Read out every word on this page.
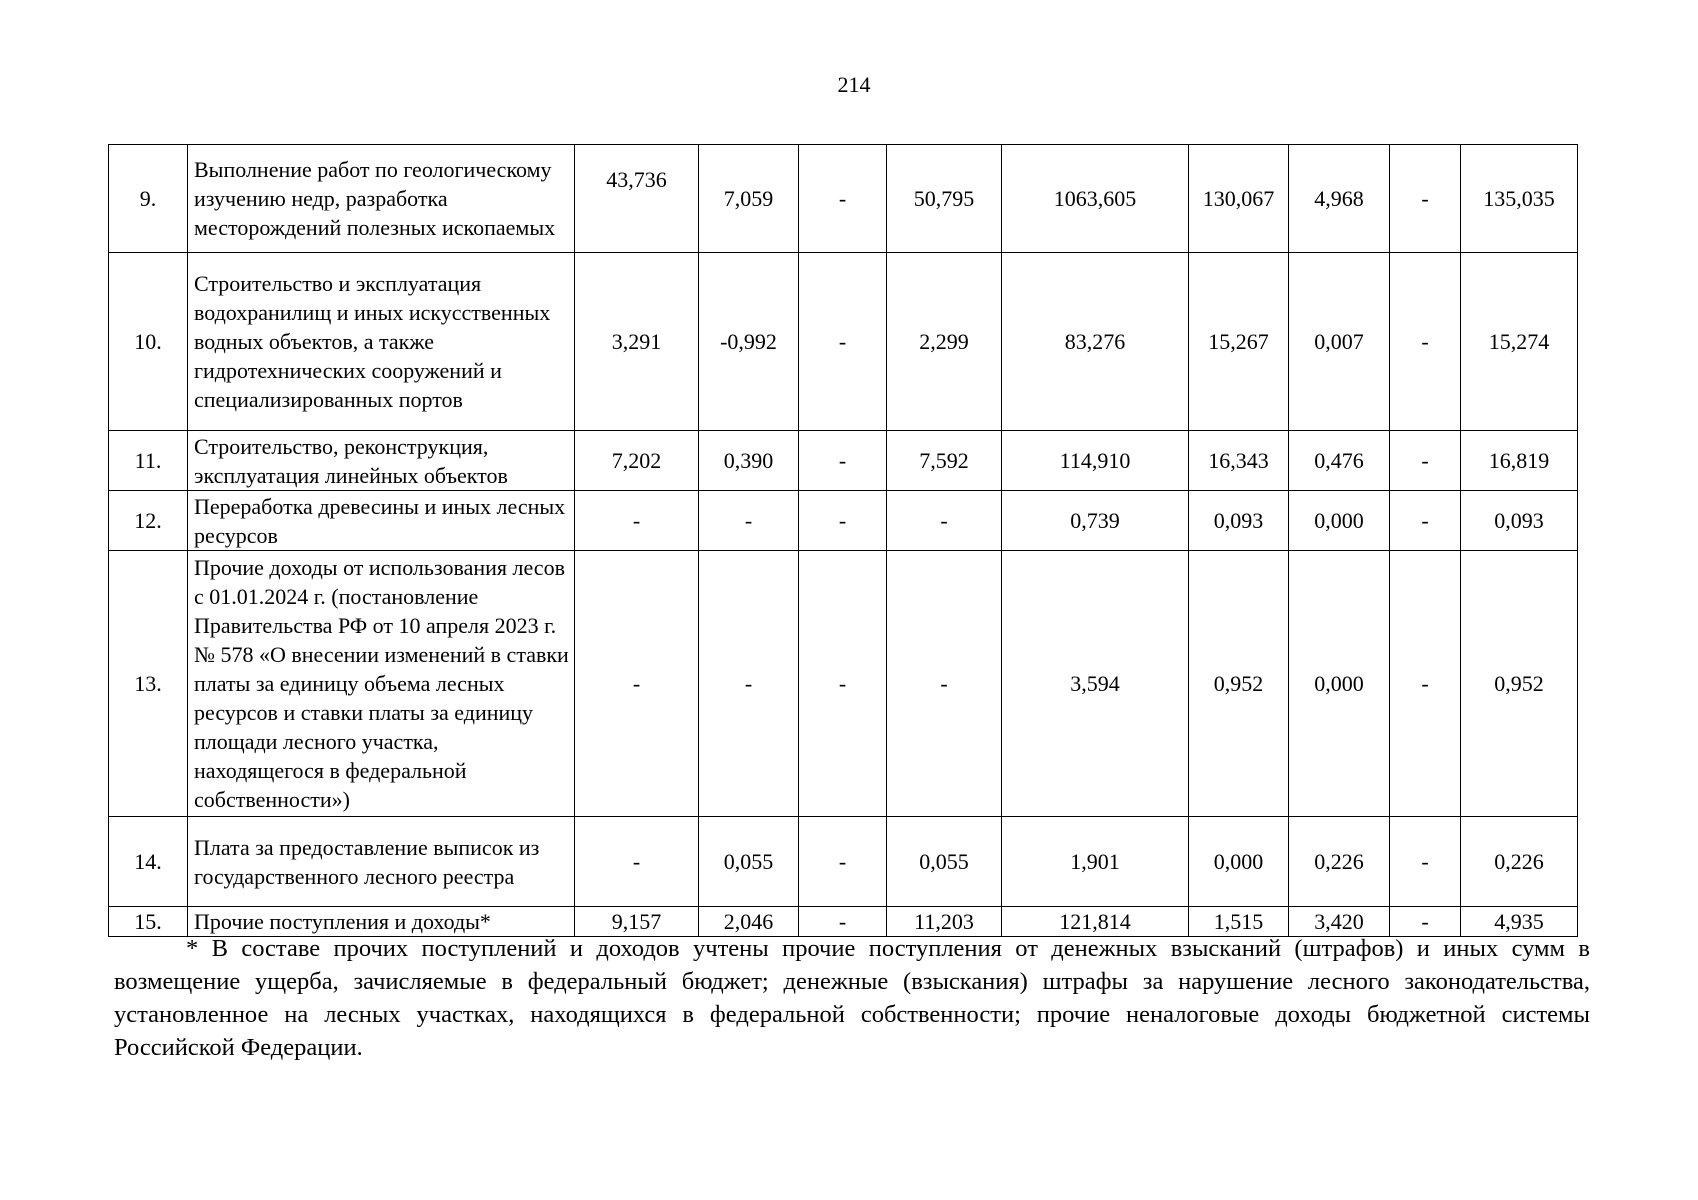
214
9.	Выполнение работ по геологическому изучению недр, разработка месторождений полезных ископаемых	43,736	7,059	-	50,795	1063,605	130,067	4,968	-	135,035
10.	Строительство и эксплуатация водохранилищ и иных искусственных водных объектов, а также гидротехнических сооружений и специализированных портов	3,291	-0,992	-	2,299	83,276	15,267	0,007	-	15,274
11.	Строительство, реконструкция, эксплуатация линейных объектов	7,202	0,390	-	7,592	114,910	16,343	0,476	-	16,819
12.	Переработка древесины и иных лесных ресурсов	-	-	-	-	0,739	0,093	0,000	-	0,093
13.	Прочие доходы от использования лесов с 01.01.2024 г. (постановление Правительства РФ от 10 апреля 2023 г. № 578 «О внесении изменений в ставки платы за единицу объема лесных ресурсов и ставки платы за единицу площади лесного участка, находящегося в федеральной собственности»)	-	-	-	-	3,594	0,952	0,000	-	0,952
14.	Плата за предоставление выписок из государственного лесного реестра	-	0,055	-	0,055	1,901	0,000	0,226	-	0,226
15.	Прочие поступления и доходы*	9,157	2,046	-	11,203	121,814	1,515	3,420	-	4,935
* В составе прочих поступлений и доходов учтены прочие поступления от денежных взысканий (штрафов) и иных сумм в возмещение ущерба, зачисляемые в федеральный бюджет; денежные (взыскания) штрафы за нарушение лесного законодательства, установленное на лесных участках, находящихся в федеральной собственности; прочие неналоговые доходы бюджетной системы Российской Федерации.
